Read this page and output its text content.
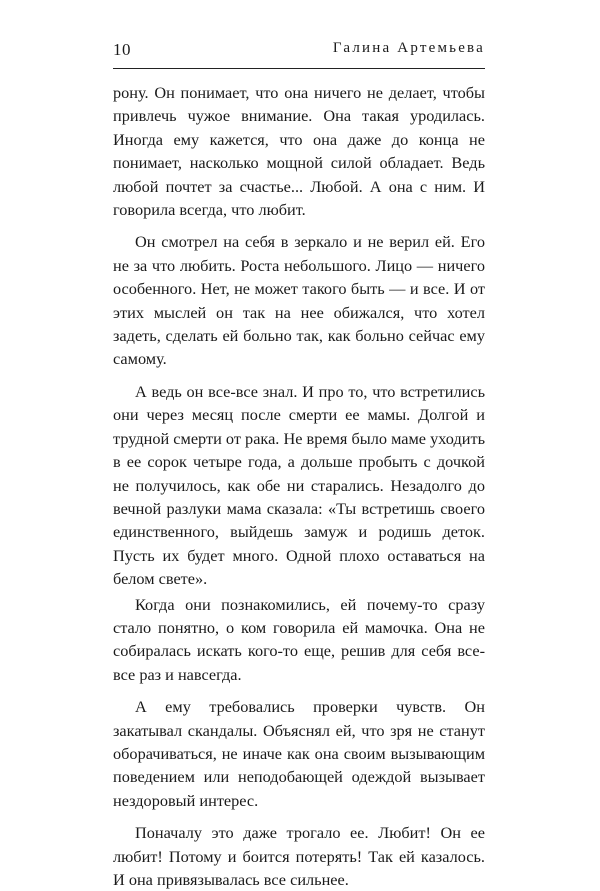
10	Галина Артемьева

рону. Он понимает, что она ничего не делает, чтобы привлечь чужое внимание. Она такая уродилась. Иногда ему кажется, что она даже до конца не понимает, насколько мощной силой обладает. Ведь любой почтет за счастье... Любой. А она с ним. И говорила всегда, что любит.

Он смотрел на себя в зеркало и не верил ей. Его не за что любить. Роста небольшого. Лицо — ничего особенного. Нет, не может такого быть — и все. И от этих мыслей он так на нее обижался, что хотел задеть, сделать ей больно так, как больно сейчас ему самому.

А ведь он все-все знал. И про то, что встретились они через месяц после смерти ее мамы. Долгой и трудной смерти от рака. Не время было маме уходить в ее сорок четыре года, а дольше пробыть с дочкой не получилось, как обе ни старались. Незадолго до вечной разлуки мама сказала: «Ты встретишь своего единственного, выйдешь замуж и родишь деток. Пусть их будет много. Одной плохо оставаться на белом свете».

Когда они познакомились, ей почему-то сразу стало понятно, о ком говорила ей мамочка. Она не собиралась искать кого-то еще, решив для себя все-все раз и навсегда.

А ему требовались проверки чувств. Он закатывал скандалы. Объяснял ей, что зря не станут оборачиваться, не иначе как она своим вызывающим поведением или неподобающей одеждой вызывает нездоровый интерес.

Поначалу это даже трогало ее. Любит! Он ее любит! Потому и боится потерять! Так ей казалось. И она привязывалась все сильнее.
